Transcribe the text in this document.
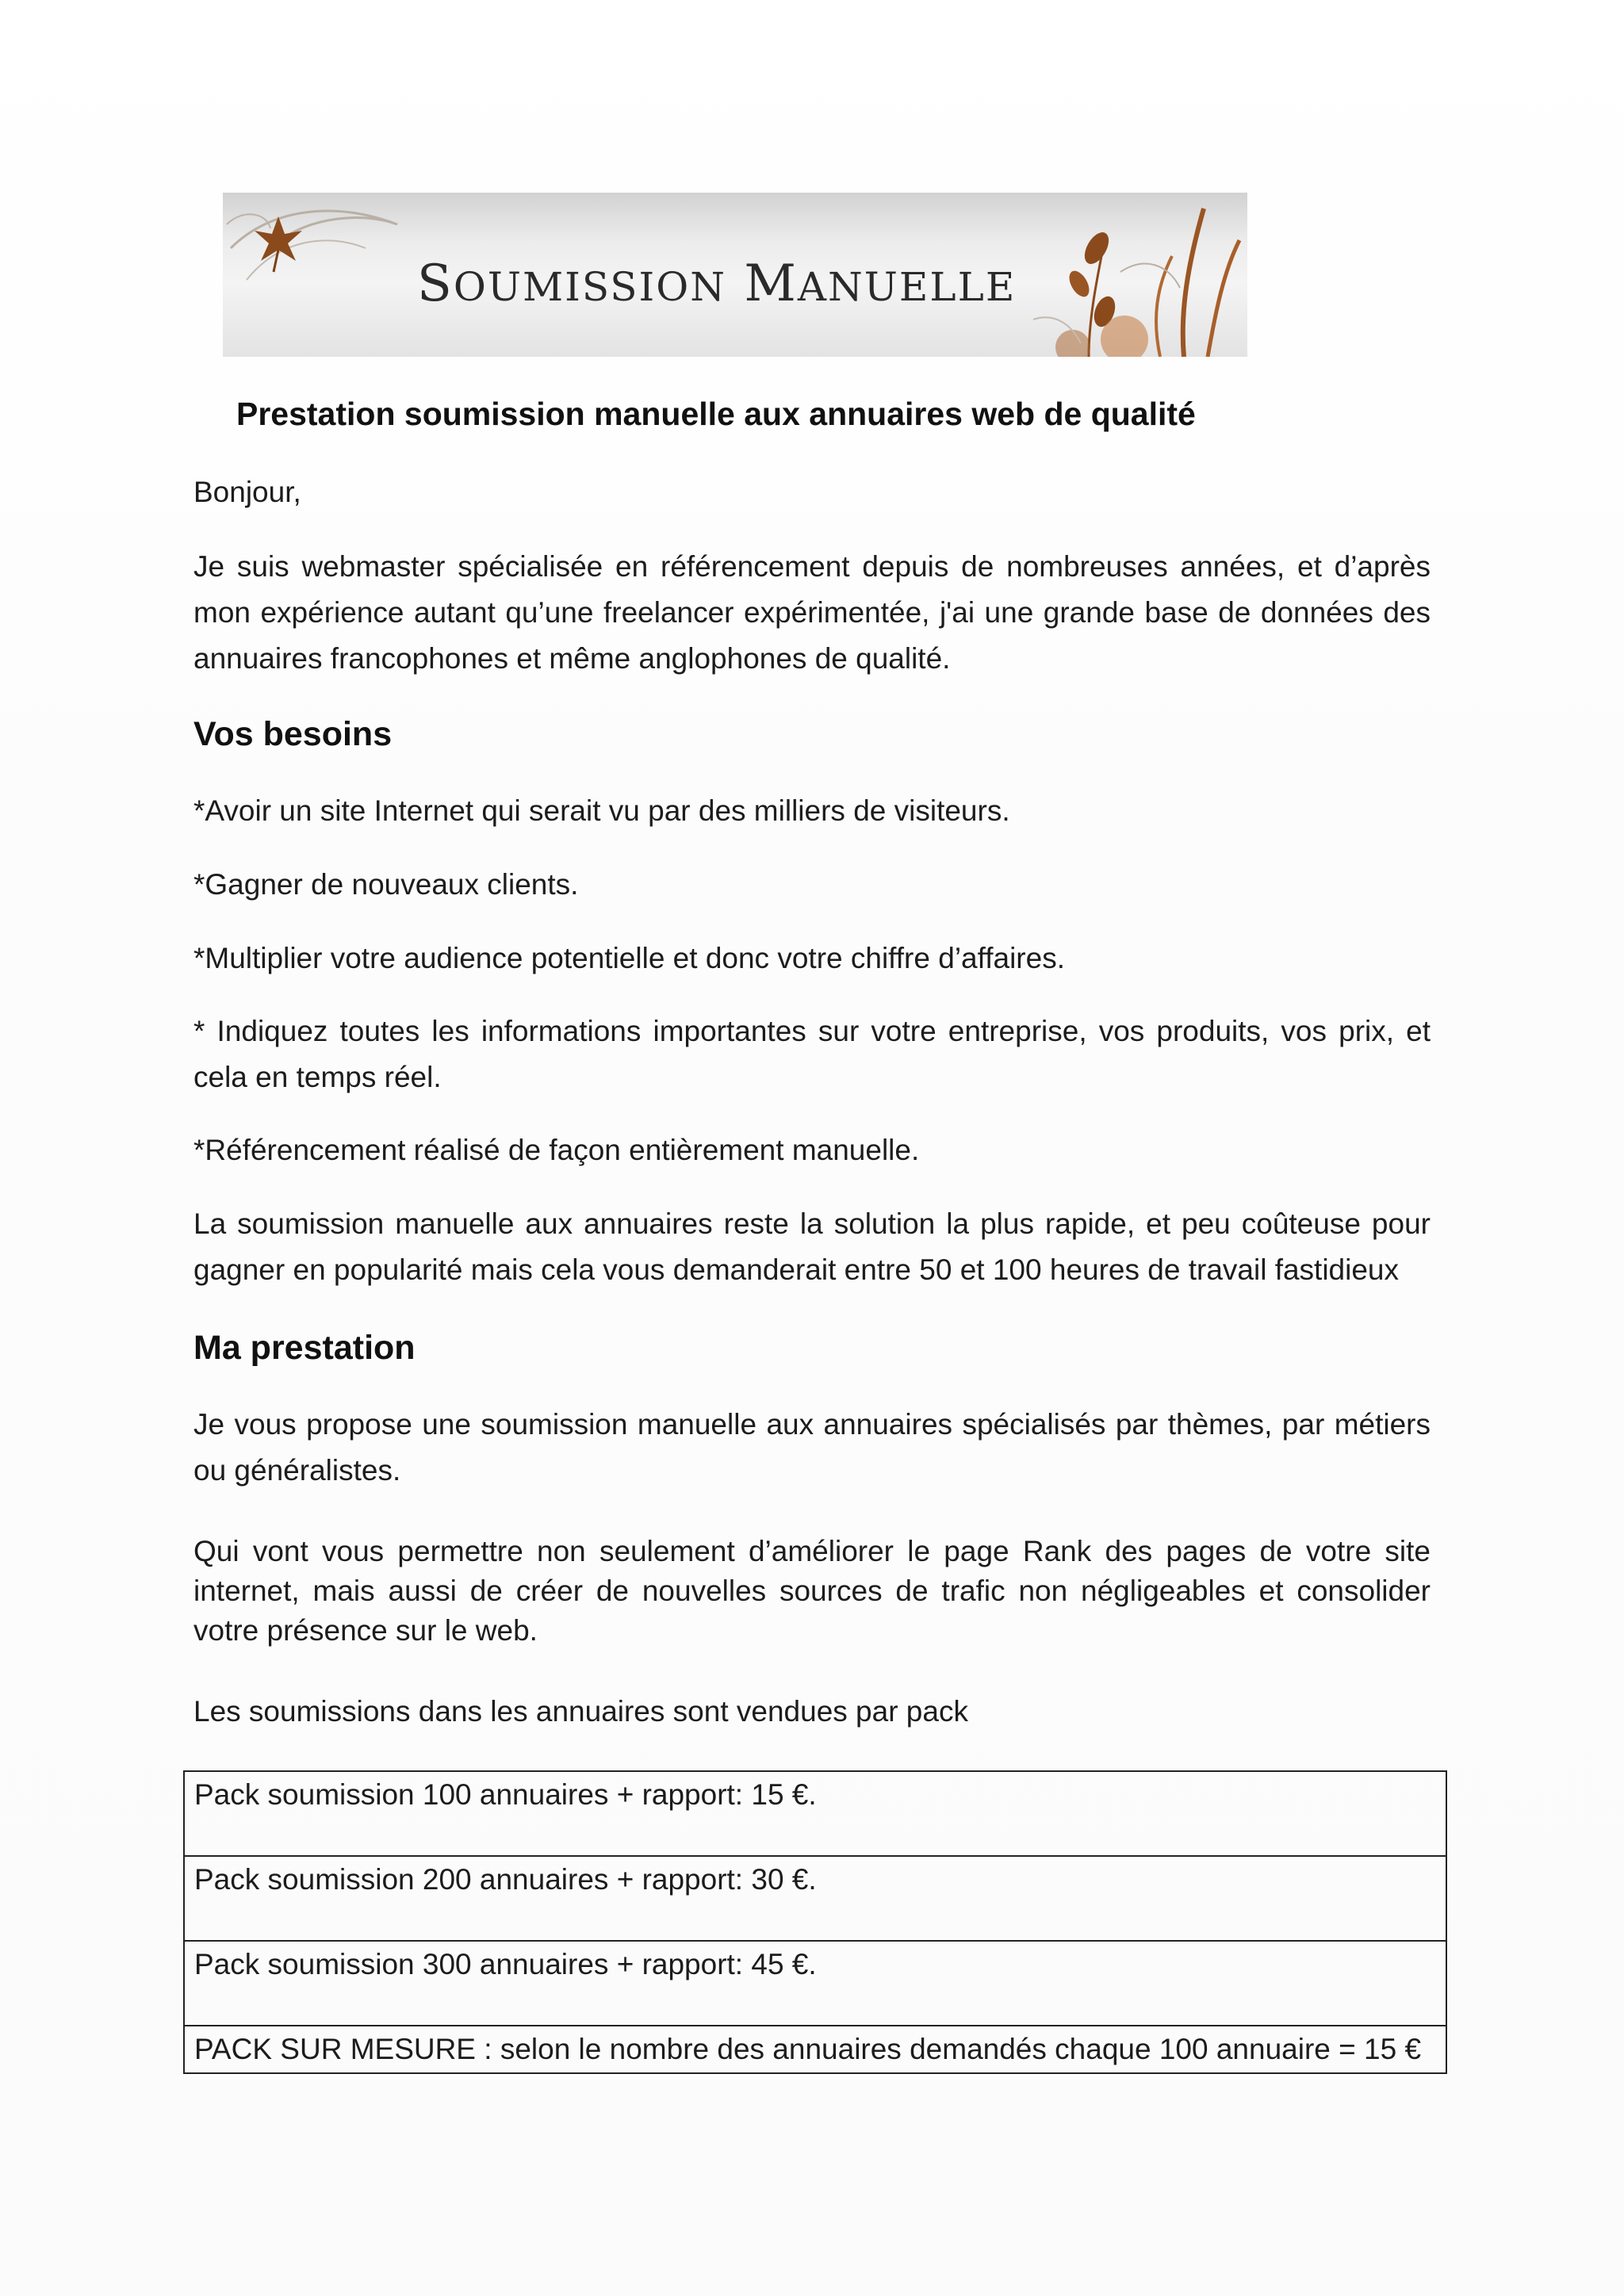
SOUMISSION MANUELLE
Prestation soumission manuelle aux annuaires web de qualité
Bonjour,
Je suis webmaster spécialisée en référencement depuis de nombreuses années, et d’après mon expérience autant qu’une freelancer expérimentée, j'ai une grande base de données des annuaires francophones et même anglophones de qualité.
Vos besoins
*Avoir un site Internet qui serait vu par des milliers de visiteurs.
*Gagner de nouveaux clients.
*Multiplier votre audience potentielle et donc votre chiffre d’affaires.
* Indiquez toutes les informations importantes sur votre entreprise, vos produits, vos prix, et cela en temps réel.
*Référencement réalisé de façon entièrement manuelle.
La soumission manuelle aux annuaires reste la solution la plus rapide, et peu coûteuse pour gagner en popularité mais cela vous demanderait entre 50 et 100 heures de travail fastidieux
Ma prestation
Je vous propose une soumission manuelle aux annuaires spécialisés par thèmes, par métiers ou généralistes.
Qui vont vous permettre non seulement d’améliorer le page Rank des pages de votre site internet, mais aussi de créer de nouvelles sources de trafic non négligeables et consolider votre présence sur le web.
Les soumissions dans les annuaires sont vendues par pack
Pack soumission 100 annuaires + rapport: 15 €.
Pack soumission 200 annuaires + rapport: 30 €.
Pack soumission 300 annuaires + rapport: 45 €.
PACK SUR MESURE : selon le nombre des annuaires demandés chaque 100 annuaire = 15 €
